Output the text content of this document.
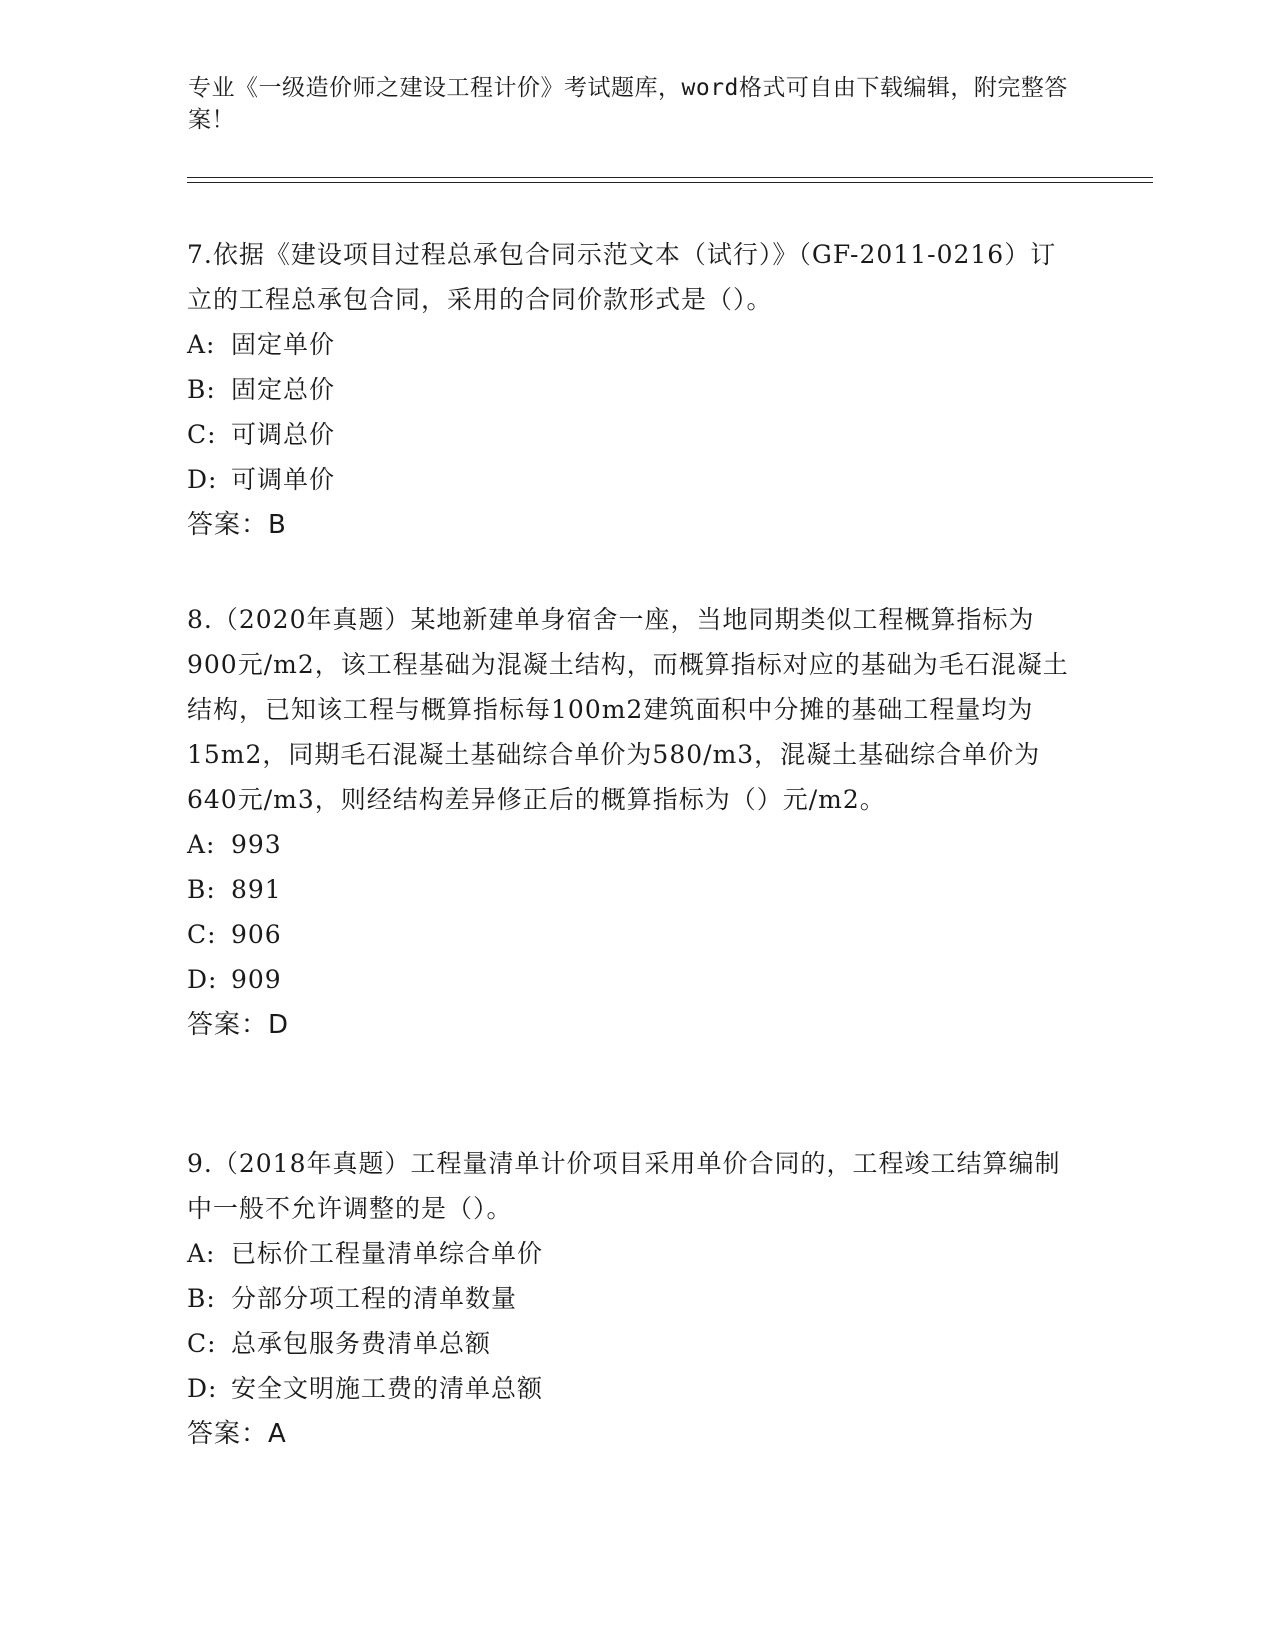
专业《一级造价师之建设工程计价》考试题库，word格式可自由下载编辑，附完整答案！
7.依据《建设项目过程总承包合同示范文本（试行）》（GF-2011-0216）订立的工程总承包合同，采用的合同价款形式是（）。
A: 固定单价
B: 固定总价
C: 可调总价
D: 可调单价
答案：B
8.（2020年真题）某地新建单身宿舍一座，当地同期类似工程概算指标为900元/m2，该工程基础为混凝土结构，而概算指标对应的基础为毛石混凝土结构，已知该工程与概算指标每100m2建筑面积中分摊的基础工程量均为15m2，同期毛石混凝土基础综合单价为580/m3，混凝土基础综合单价为640元/m3，则经结构差异修正后的概算指标为（）元/m2。
A: 993
B: 891
C: 906
D: 909
答案：D
9.（2018年真题）工程量清单计价项目采用单价合同的，工程竣工结算编制中一般不允许调整的是（）。
A: 已标价工程量清单综合单价
B: 分部分项工程的清单数量
C: 总承包服务费清单总额
D: 安全文明施工费的清单总额
答案：A
